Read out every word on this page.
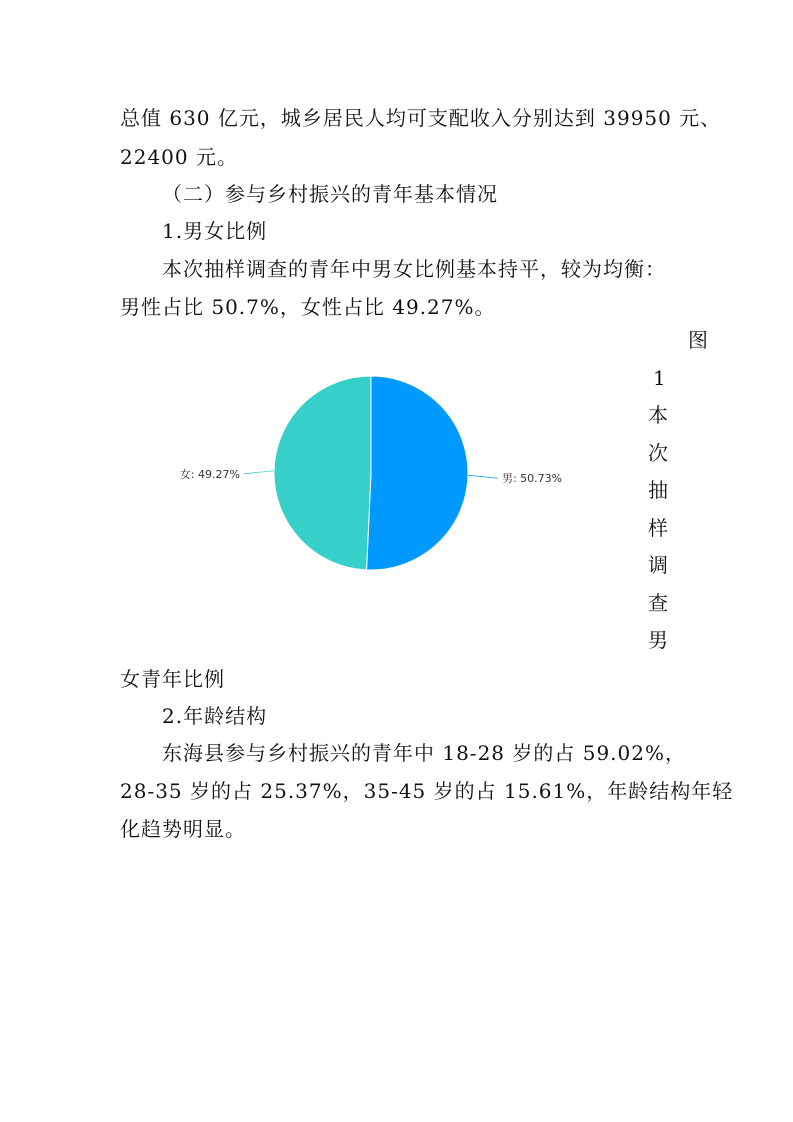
总值 630 亿元，城乡居民人均可支配收入分别达到 39950 元、
22400 元。
（二）参与乡村振兴的青年基本情况
1.男女比例
本次抽样调查的青年中男女比例基本持平，较为均衡：
男性占比 50.7%，女性占比 49.27%。
男: 50.73%
女: 49.27%
图
1
本
次
抽
样
调
查
男
女青年比例
2.年龄结构
东海县参与乡村振兴的青年中 18-28 岁的占 59.02%，
28-35 岁的占 25.37%，35-45 岁的占 15.61%，年龄结构年轻
化趋势明显。
